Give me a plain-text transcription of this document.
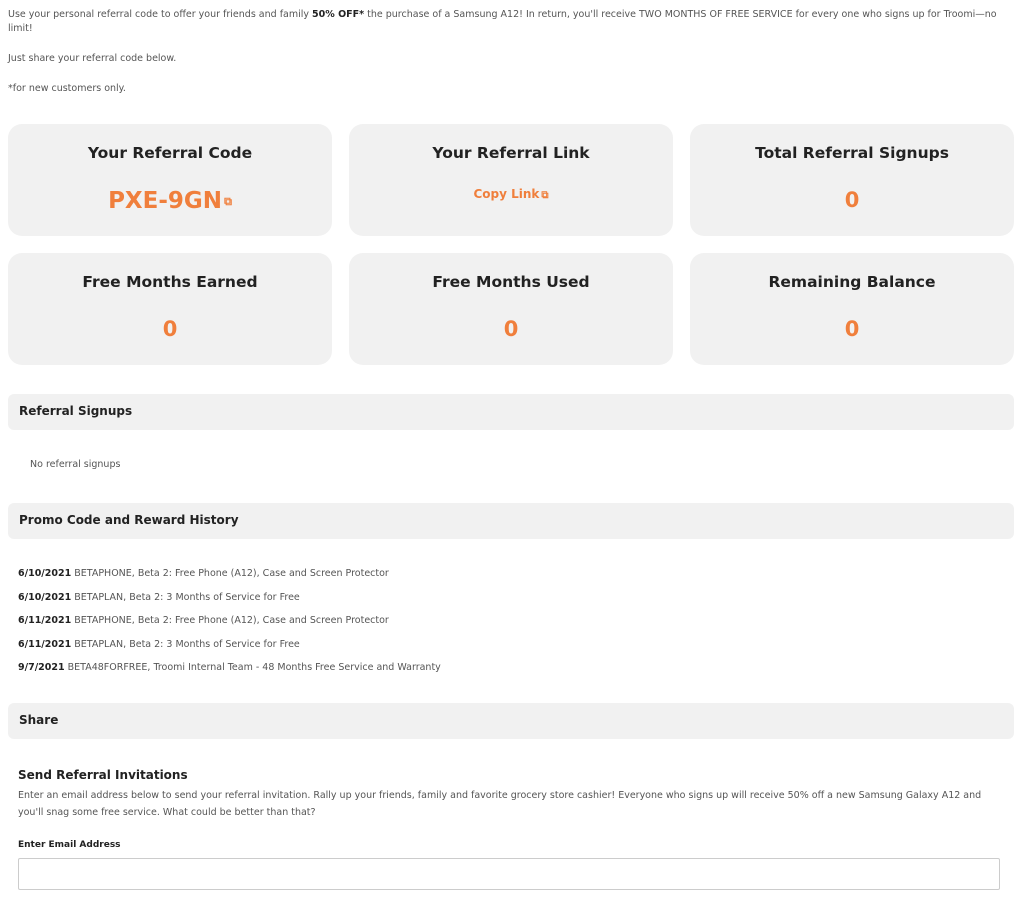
Use your personal referral code to offer your friends and family 50% OFF* the purchase of a Samsung A12! In return, you'll receive TWO MONTHS OF FREE SERVICE for every one who signs up for Troomi—no limit!

Just share your referral code below.

*for new customers only.

Your Referral Code
PXE-9GN ⧉
Your Referral Link
Copy Link ⧉
Total Referral Signups
0
Free Months Earned
0
Free Months Used
0
Remaining Balance
0
Referral Signups
No referral signups
Promo Code and Reward History
6/10/2021 BETAPHONE, Beta 2: Free Phone (A12), Case and Screen Protector
6/10/2021 BETAPLAN, Beta 2: 3 Months of Service for Free
6/11/2021 BETAPHONE, Beta 2: Free Phone (A12), Case and Screen Protector
6/11/2021 BETAPLAN, Beta 2: 3 Months of Service for Free
9/7/2021 BETA48FORFREE, Troomi Internal Team - 48 Months Free Service and Warranty
Share
Send Referral Invitations
Enter an email address below to send your referral invitation. Rally up your friends, family and favorite grocery store cashier! Everyone who signs up will receive 50% off a new Samsung Galaxy A12 and you'll snag some free service. What could be better than that?
Enter Email Address
